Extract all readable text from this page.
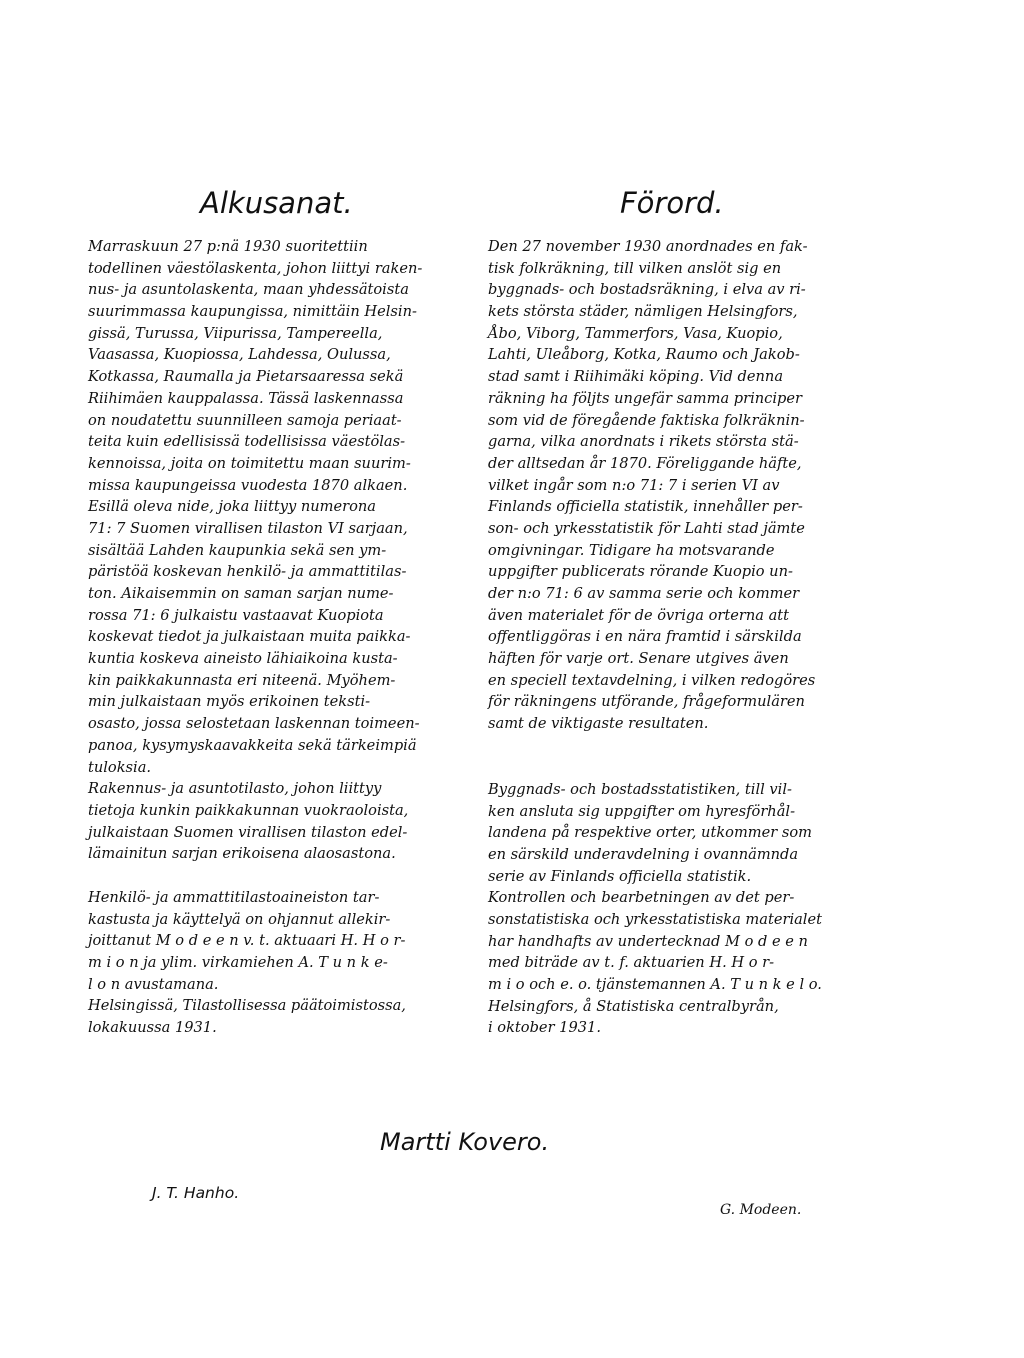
Alkusanat.
Marraskuun 27 p:nä 1930 suoritettiin
todellinen väestölaskenta, johon liittyi raken-
nus- ja asuntolaskenta, maan yhdessätoista
suurimmassa kaupungissa, nimittäin Helsin-
gissä, Turussa, Viipurissa, Tampereella,
Vaasassa, Kuopiossa, Lahdessa, Oulussa,
Kotkassa, Raumalla ja Pietarsaaressa sekä
Riihimäen kauppalassa. Tässä laskennassa
on noudatettu suunnilleen samoja periaat-
teita kuin edellisissä todellisissa väestölas-
kennoissa, joita on toimitettu maan suurim-
missa kaupungeissa vuodesta 1870 alkaen.
Esillä oleva nide, joka liittyy numerona
71: 7 Suomen virallisen tilaston VI sarjaan,
sisältää Lahden kaupunkia sekä sen ym-
päristöä koskevan henkilö- ja ammattitilas-
ton. Aikaisemmin on saman sarjan nume-
rossa 71: 6 julkaistu vastaavat Kuopiota
koskevat tiedot ja julkaistaan muita paikka-
kuntia koskeva aineisto lähiaikoina kusta-
kin paikkakunnasta eri niteenä. Myöhem-
min julkaistaan myös erikoinen teksti-
osasto, jossa selostetaan laskennan toimeen-
panoa, kysymyskaavakkeita sekä tärkeimpiä
tuloksia.
Rakennus- ja asuntotilasto, johon liittyy
tietoja kunkin paikkakunnan vuokraoloista,
julkaistaan Suomen virallisen tilaston edel-
lämainitun sarjan erikoisena alaosastona.
Henkilö- ja ammattitilastoaineiston tar-
kastusta ja käyttelyä on ohjannut allekir-
joittanut M o d e e n v. t. aktuaari H. H o r-
m i o n ja ylim. virkamiehen A. T u n k e-
l o n avustamana.
Helsingissä, Tilastollisessa päätoimistossa,
lokakuussa 1931.
Förord.
Den 27 november 1930 anordnades en fak-
tisk folkräkning, till vilken anslöt sig en
byggnads- och bostadsräkning, i elva av ri-
kets största städer, nämligen Helsingfors,
Åbo, Viborg, Tammerfors, Vasa, Kuopio,
Lahti, Uleåborg, Kotka, Raumo och Jakob-
stad samt i Riihimäki köping. Vid denna
räkning ha följts ungefär samma principer
som vid de föregående faktiska folkräknin-
garna, vilka anordnats i rikets största stä-
der alltsedan år 1870. Föreliggande häfte,
vilket ingår som n:o 71: 7 i serien VI av
Finlands officiella statistik, innehåller per-
son- och yrkesstatistik för Lahti stad jämte
omgivningar. Tidigare ha motsvarande
uppgifter publicerats rörande Kuopio un-
der n:o 71: 6 av samma serie och kommer
även materialet för de övriga orterna att
offentliggöras i en nära framtid i särskilda
häften för varje ort. Senare utgives även
en speciell textavdelning, i vilken redogöres
för räkningens utförande, frågeformulären
samt de viktigaste resultaten.
Byggnads- och bostadsstatistiken, till vil-
ken ansluta sig uppgifter om hyresförhål-
landena på respektive orter, utkommer som
en särskild underavdelning i ovannämnda
serie av Finlands officiella statistik.
Kontrollen och bearbetningen av det per-
sonstatistiska och yrkesstatistiska materialet
har handhafts av undertecknad M o d e e n
med biträde av t. f. aktuarien H. H o r-
m i o och e. o. tjänstemannen A. T u n k e l o.
Helsingfors, å Statistiska centralbyrån,
i oktober 1931.
Martti Kovero.
J. T. Hanho.
G. Modeen.
